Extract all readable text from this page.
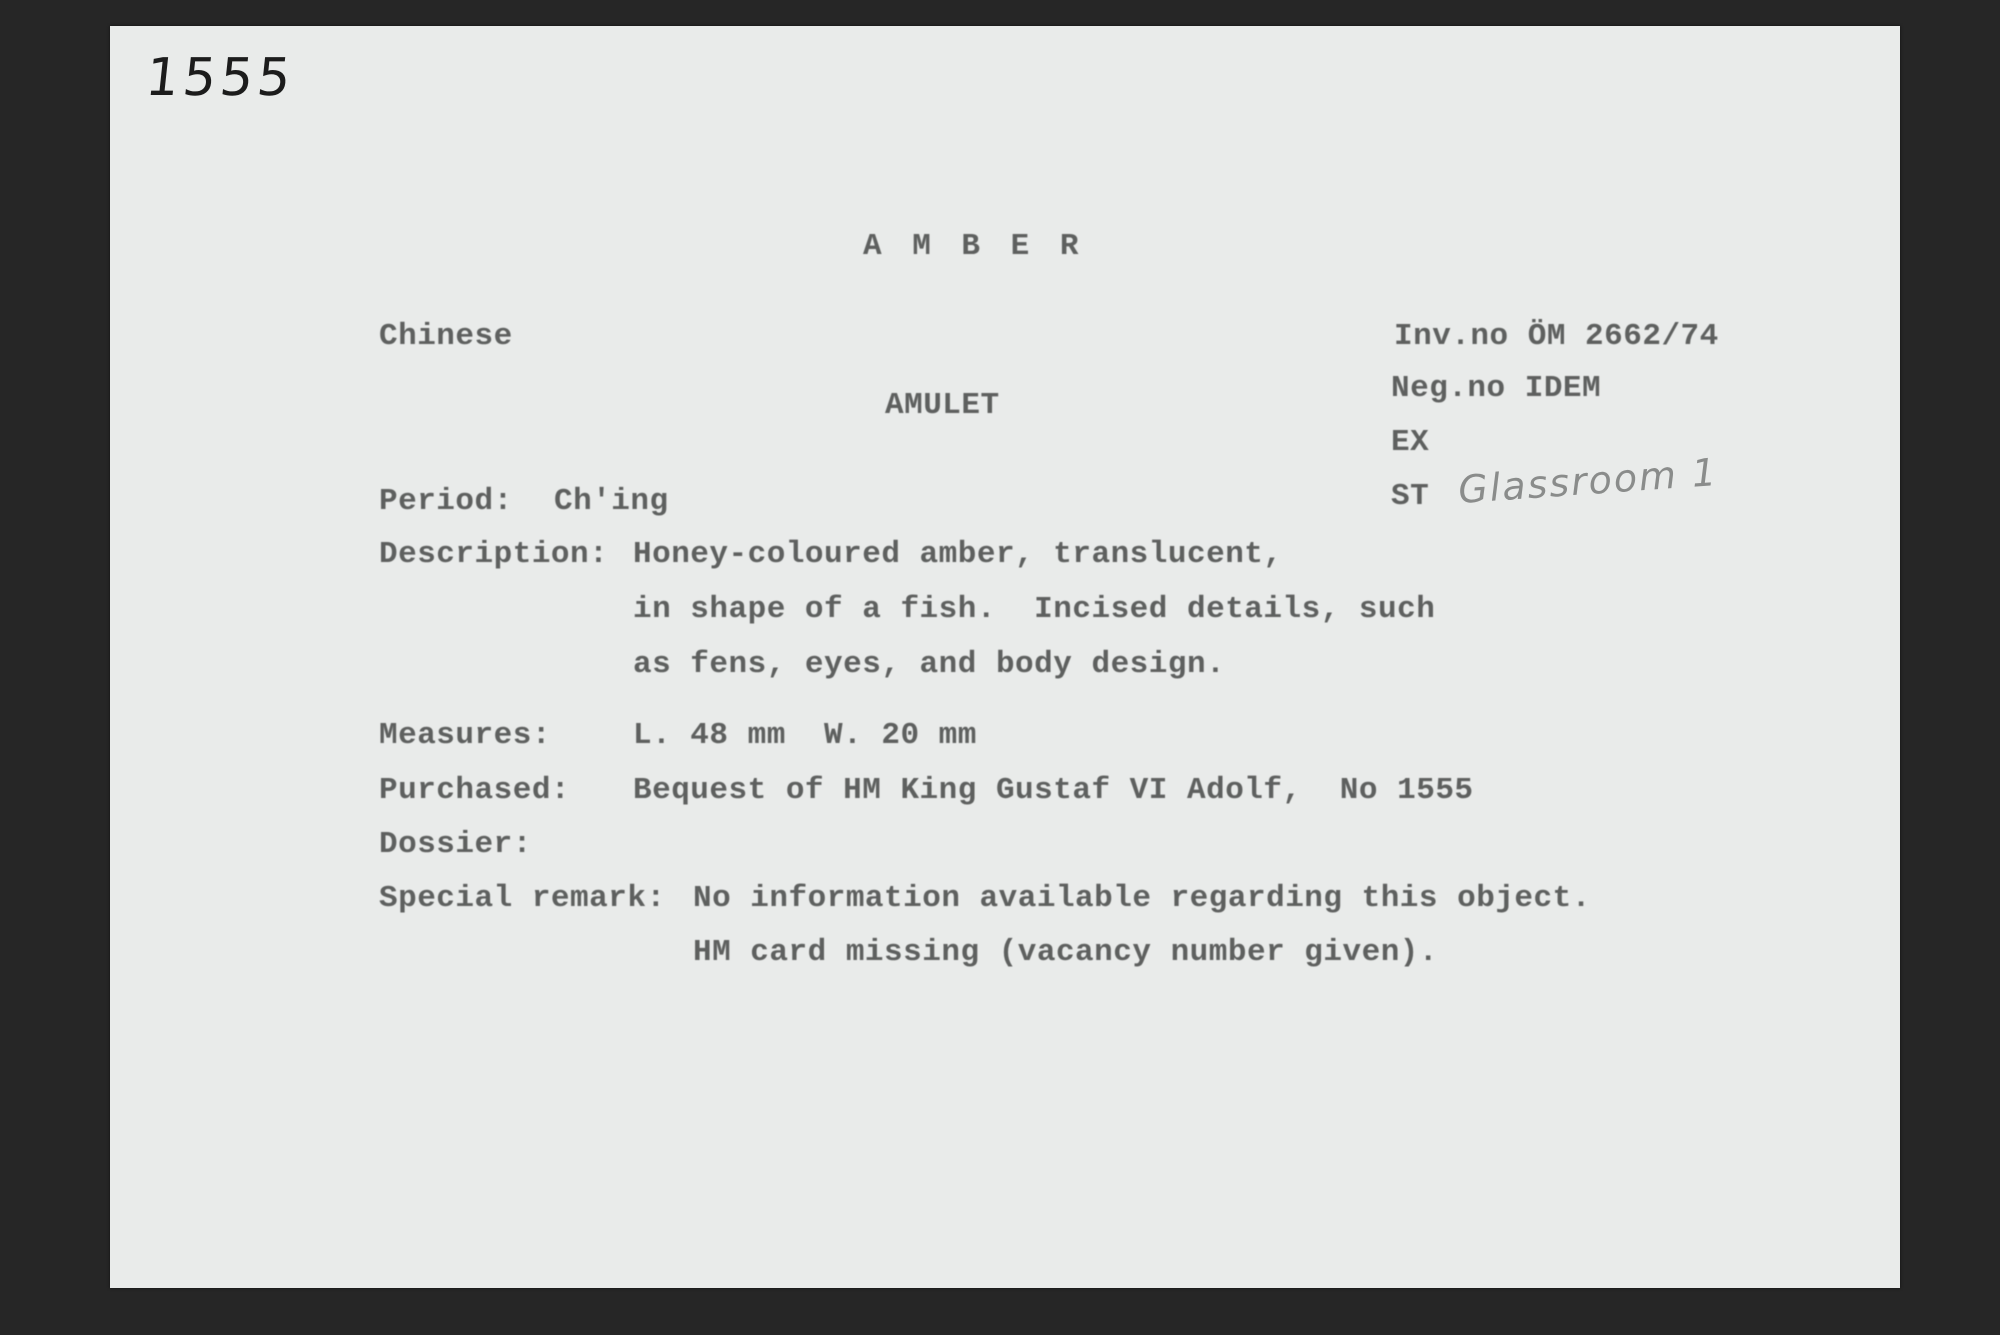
1555
A M B E R
Chinese
AMULET
Inv.no ÖM 2662/74
Neg.no IDEM
EX
ST Glassroom 1
Period: Ch'ing
Description: Honey-coloured amber, translucent,
in shape of a fish.  Incised details, such
as fens, eyes, and body design.
Measures:	L. 48 mm  W. 20 mm
Purchased: Bequest of HM King Gustaf VI Adolf,  No 1555
Dossier:
Special remark: No information available regarding this object.
HM card missing (vacancy number given).
